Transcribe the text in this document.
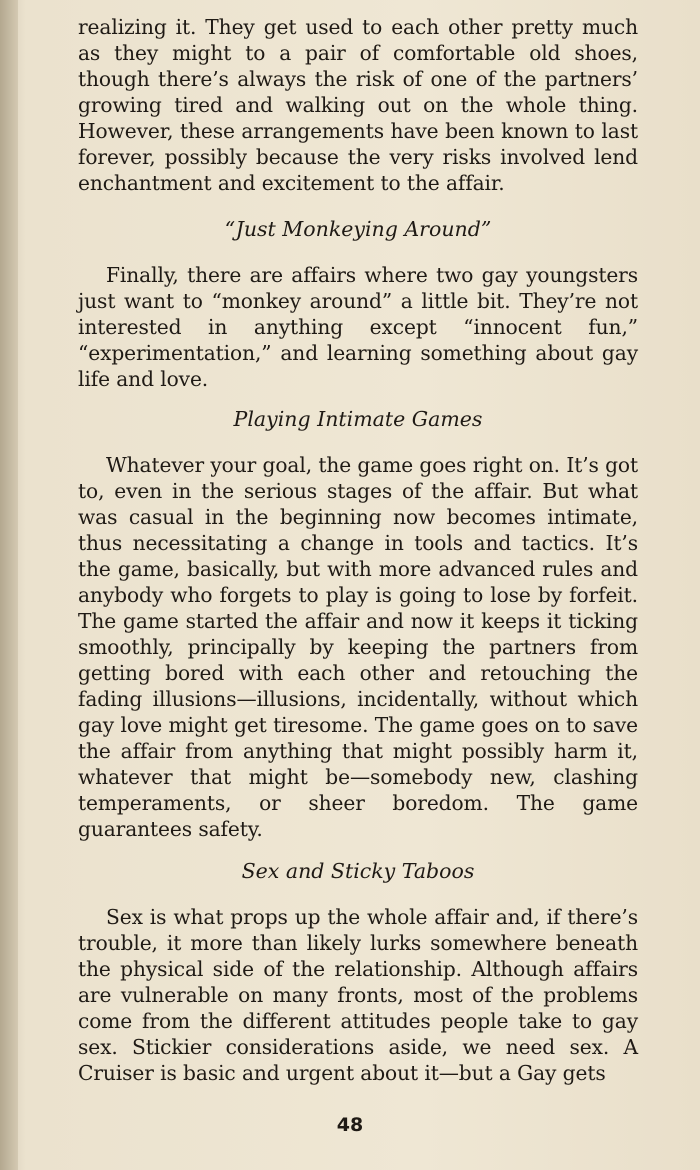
realizing it. They get used to each other pretty much as they might to a pair of comfortable old shoes, though there’s always the risk of one of the partners’ growing tired and walking out on the whole thing. However, these arrangements have been known to last forever, possibly because the very risks involved lend enchantment and excitement to the affair.

“Just Monkeying Around”

Finally, there are affairs where two gay youngsters just want to “monkey around” a little bit. They’re not interested in anything except “innocent fun,” “experimentation,” and learning something about gay life and love.

Playing Intimate Games

Whatever your goal, the game goes right on. It’s got to, even in the serious stages of the affair. But what was casual in the beginning now becomes intimate, thus necessitating a change in tools and tactics. It’s the game, basically, but with more advanced rules and anybody who forgets to play is going to lose by forfeit. The game started the affair and now it keeps it ticking smoothly, principally by keeping the partners from getting bored with each other and retouching the fading illusions—illusions, incidentally, without which gay love might get tiresome. The game goes on to save the affair from anything that might possibly harm it, whatever that might be—somebody new, clashing temperaments, or sheer boredom. The game guarantees safety.

Sex and Sticky Taboos

Sex is what props up the whole affair and, if there’s trouble, it more than likely lurks somewhere beneath the physical side of the relationship. Although affairs are vulnerable on many fronts, most of the problems come from the different attitudes people take to gay sex. Stickier considerations aside, we need sex. A Cruiser is basic and urgent about it—but a Gay gets

48
